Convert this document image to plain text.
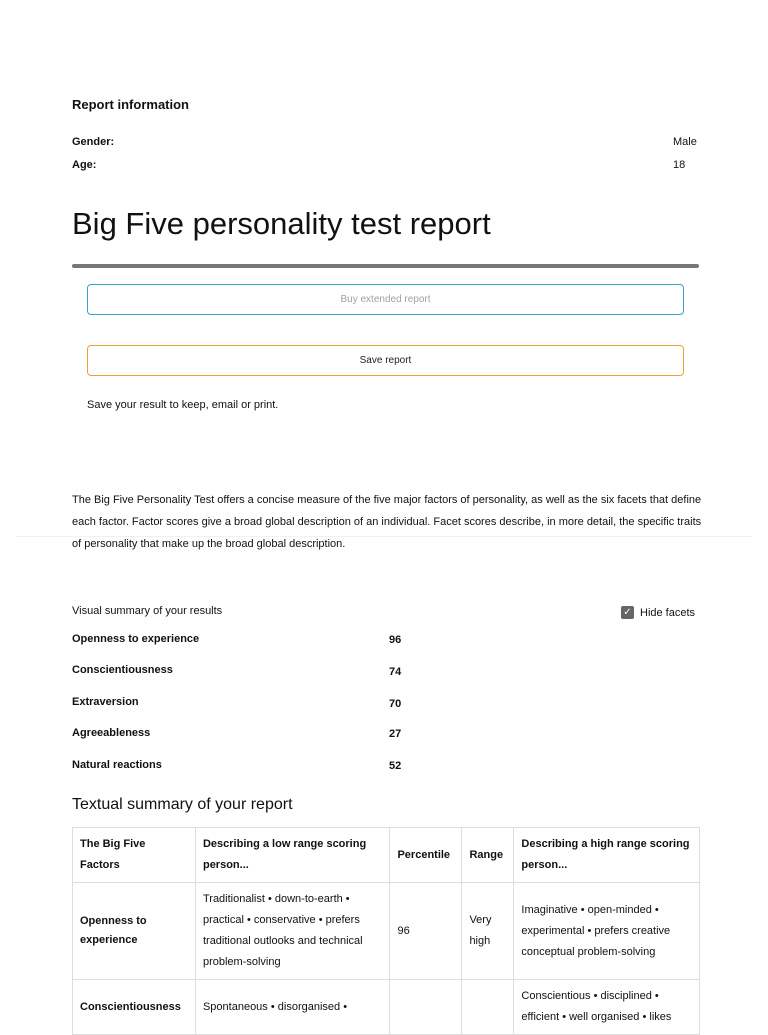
Report information
Gender:	Male
Age:	18
Big Five personality test report
Buy extended report
Save report
Save your result to keep, email or print.
The Big Five Personality Test offers a concise measure of the five major factors of personality, as well as the six facets that define each factor. Factor scores give a broad global description of an individual. Facet scores describe, in more detail, the specific traits of personality that make up the broad global description.
Visual summary of your results	✓ Hide facets
Openness to experience	96
Conscientiousness	74
Extraversion	70
Agreeableness	27
Natural reactions	52
Textual summary of your report
The Big Five Factors	Describing a low range scoring person...	Percentile	Range	Describing a high range scoring person...
Openness to experience	Traditionalist • down-to-earth • practical • conservative • prefers traditional outlooks and technical problem-solving	96	Very high	Imaginative • open-minded • experimental • prefers creative conceptual problem-solving
Conscientiousness	Spontaneous • disorganised •			Conscientious • disciplined • efficient • well organised • likes
